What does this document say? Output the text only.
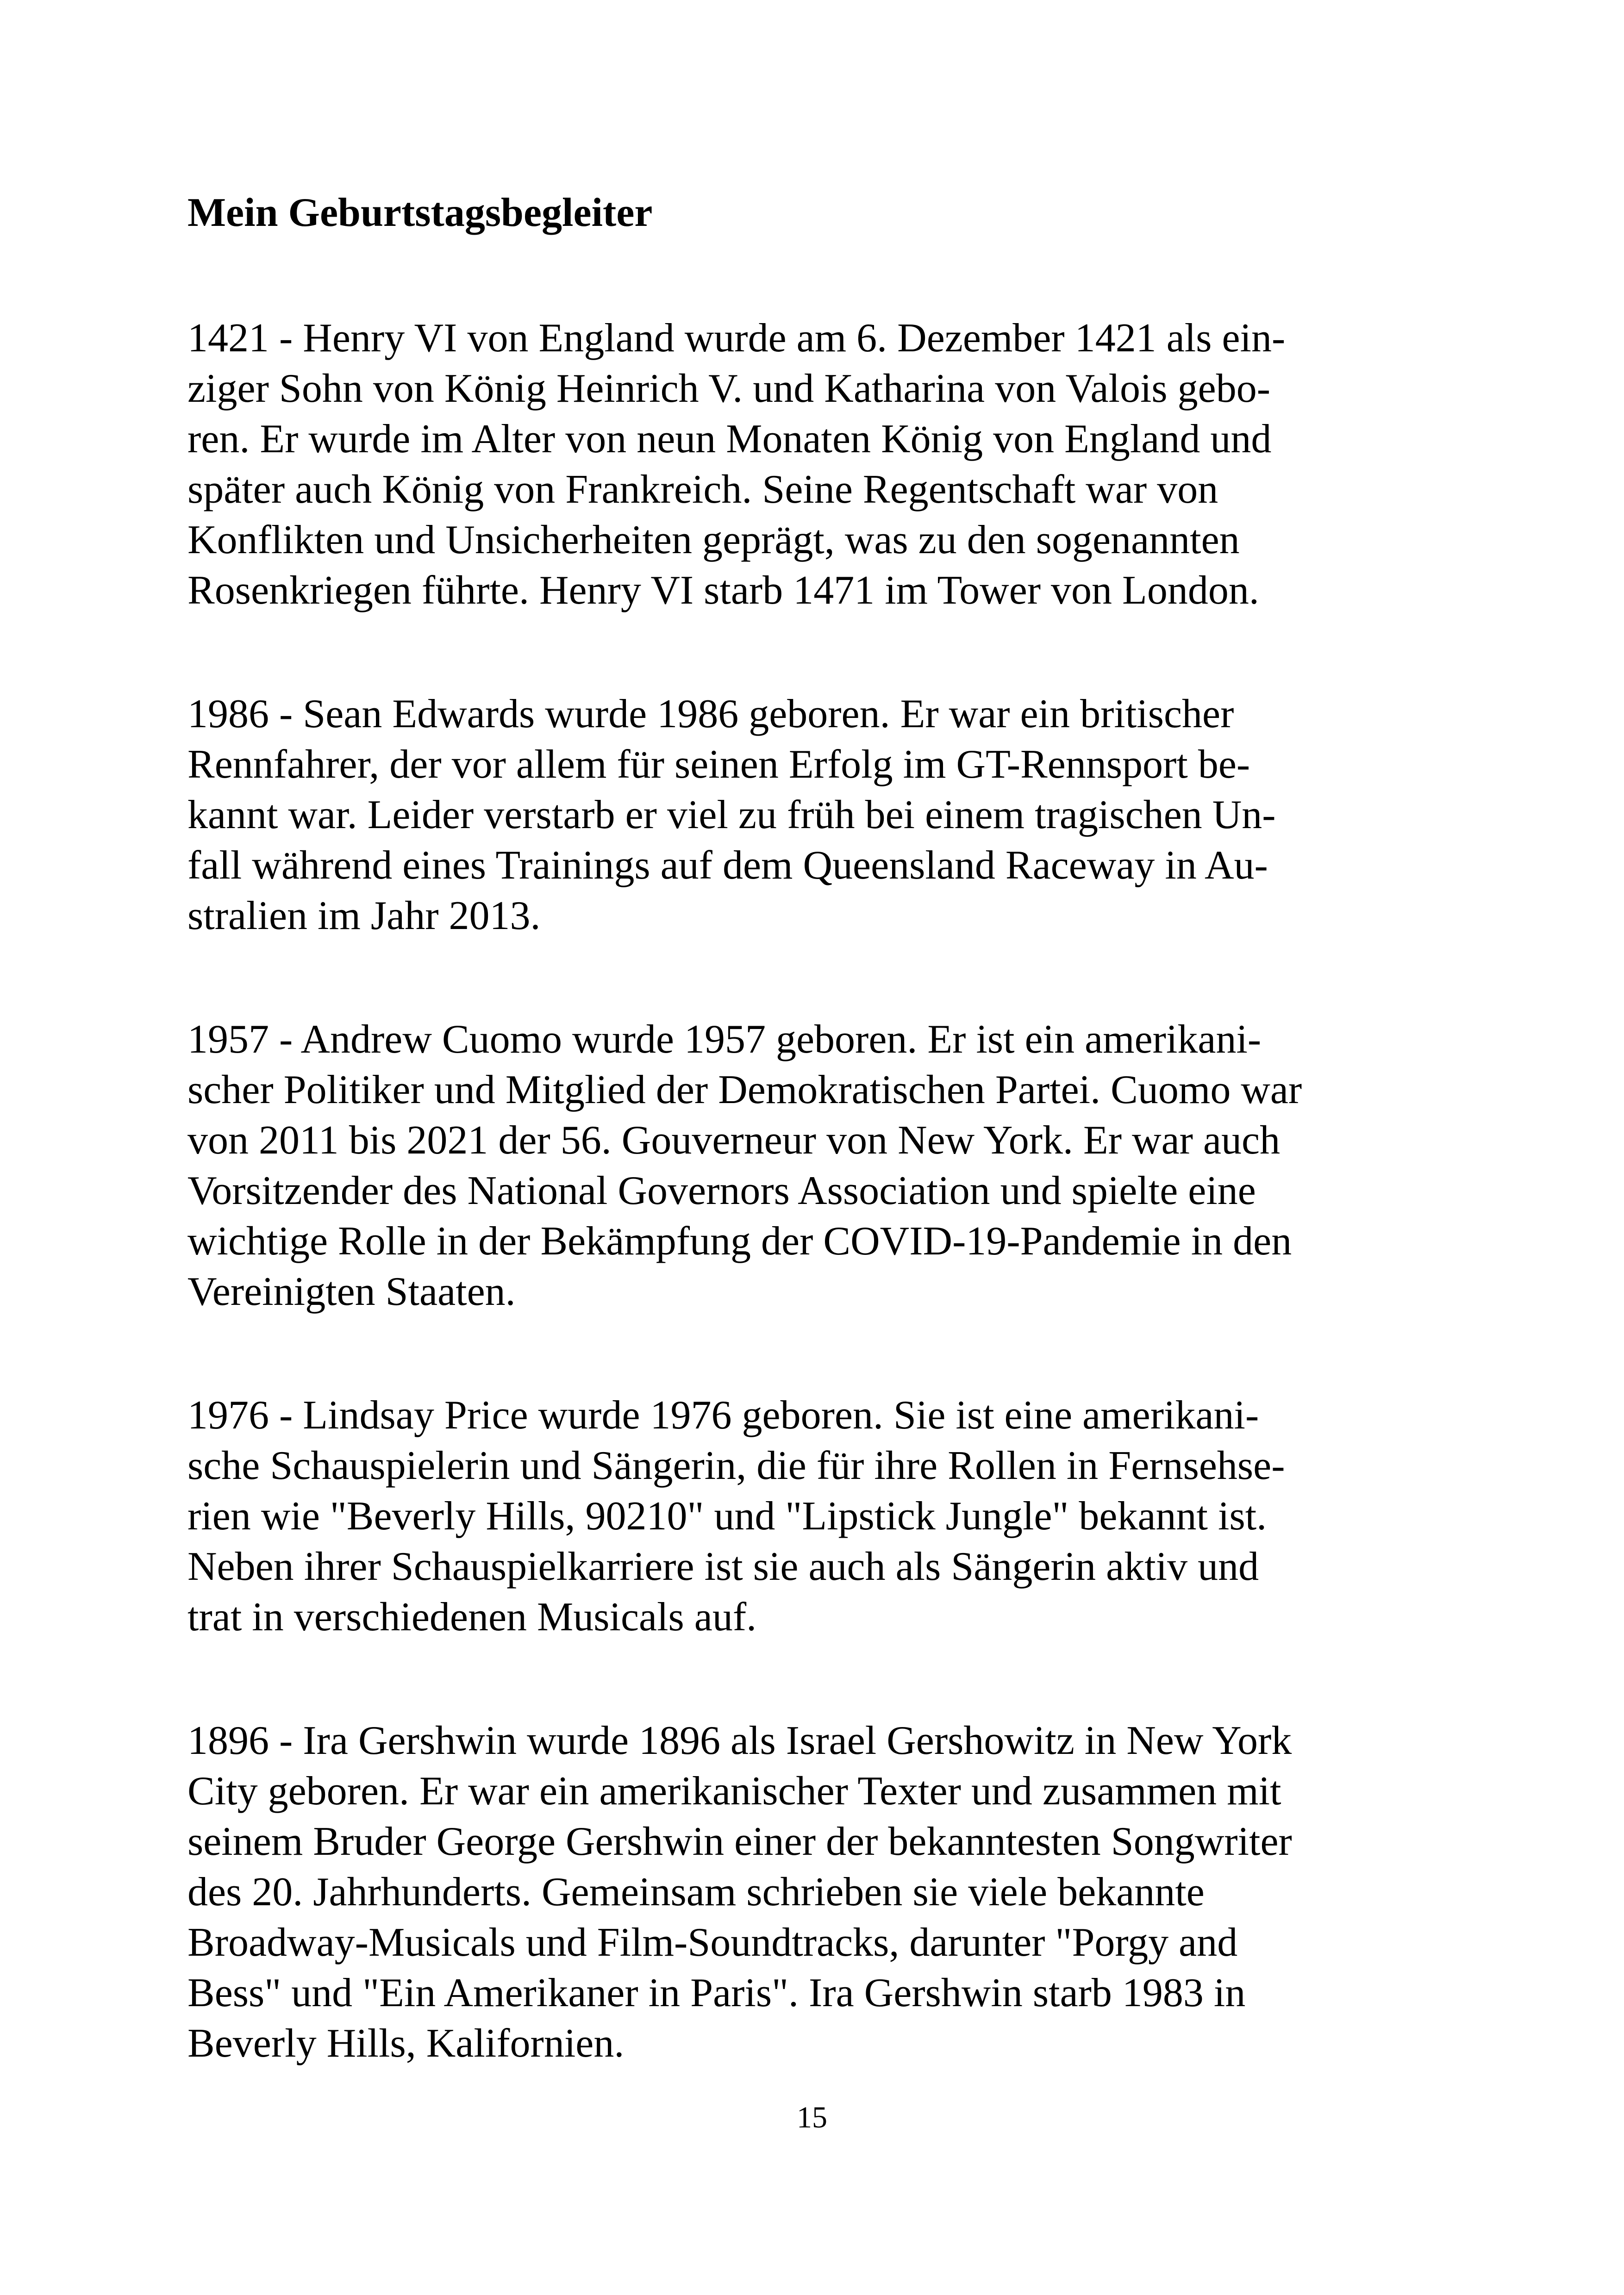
Mein Geburtstagsbegleiter

1421 - Henry VI von England wurde am 6. Dezember 1421 als ein-
ziger Sohn von König Heinrich V. und Katharina von Valois gebo-
ren. Er wurde im Alter von neun Monaten König von England und
später auch König von Frankreich. Seine Regentschaft war von
Konflikten und Unsicherheiten geprägt, was zu den sogenannten
Rosenkriegen führte. Henry VI starb 1471 im Tower von London.

1986 - Sean Edwards wurde 1986 geboren. Er war ein britischer
Rennfahrer, der vor allem für seinen Erfolg im GT-Rennsport be-
kannt war. Leider verstarb er viel zu früh bei einem tragischen Un-
fall während eines Trainings auf dem Queensland Raceway in Au-
stralien im Jahr 2013.

1957 - Andrew Cuomo wurde 1957 geboren. Er ist ein amerikani-
scher Politiker und Mitglied der Demokratischen Partei. Cuomo war
von 2011 bis 2021 der 56. Gouverneur von New York. Er war auch
Vorsitzender des National Governors Association und spielte eine
wichtige Rolle in der Bekämpfung der COVID-19-Pandemie in den
Vereinigten Staaten.

1976 - Lindsay Price wurde 1976 geboren. Sie ist eine amerikani-
sche Schauspielerin und Sängerin, die für ihre Rollen in Fernsehse-
rien wie "Beverly Hills, 90210" und "Lipstick Jungle" bekannt ist.
Neben ihrer Schauspielkarriere ist sie auch als Sängerin aktiv und
trat in verschiedenen Musicals auf.

1896 - Ira Gershwin wurde 1896 als Israel Gershowitz in New York
City geboren. Er war ein amerikanischer Texter und zusammen mit
seinem Bruder George Gershwin einer der bekanntesten Songwriter
des 20. Jahrhunderts. Gemeinsam schrieben sie viele bekannte
Broadway-Musicals und Film-Soundtracks, darunter "Porgy and
Bess" und "Ein Amerikaner in Paris". Ira Gershwin starb 1983 in
Beverly Hills, Kalifornien.

15
